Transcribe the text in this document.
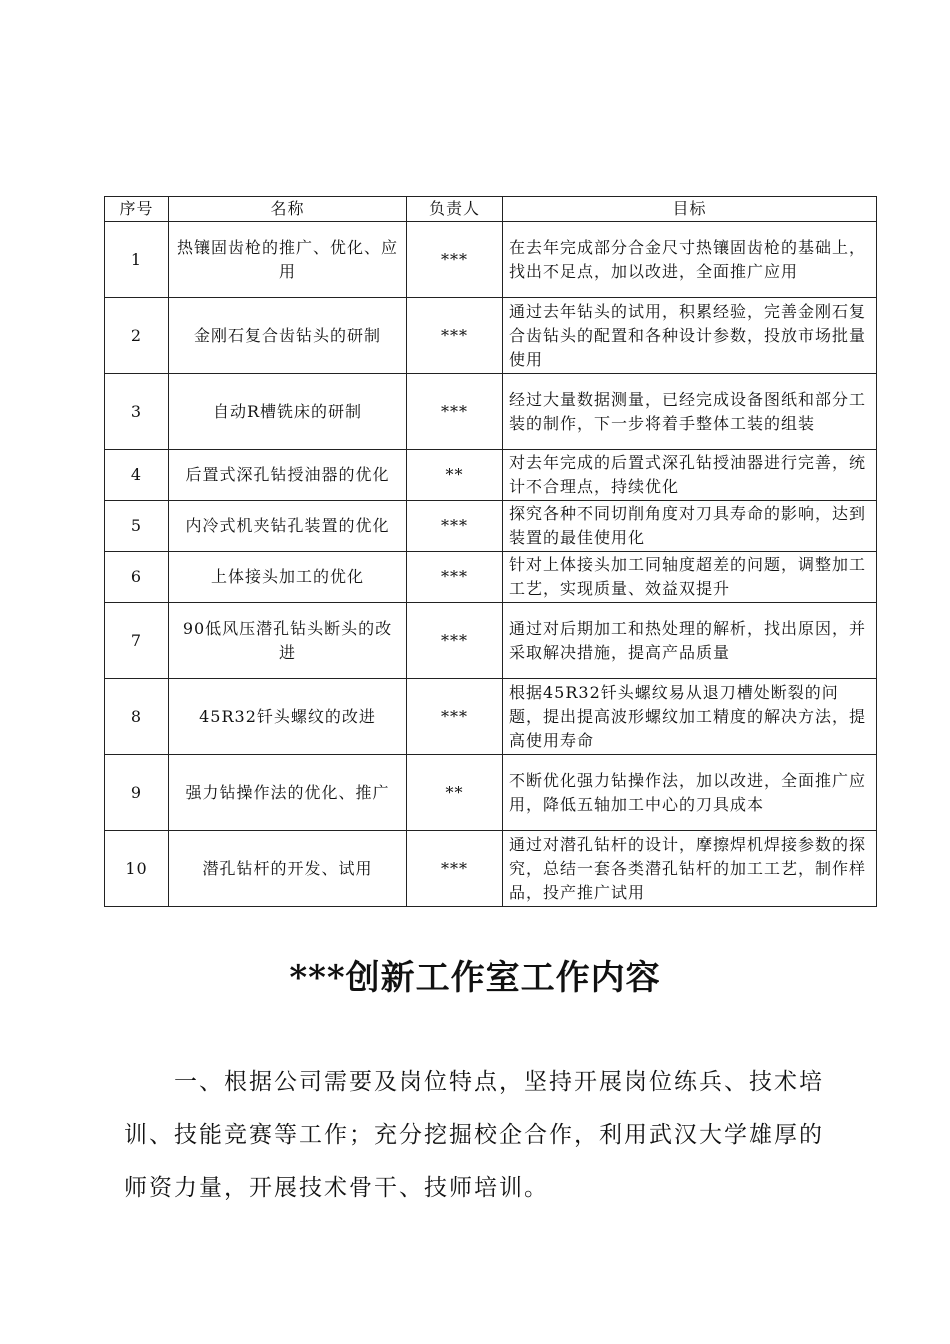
序号	名称	负责人	目标
1	热镶固齿枪的推广、优化、应用	***	在去年完成部分合金尺寸热镶固齿枪的基础上，找出不足点，加以改进，全面推广应用
2	金刚石复合齿钻头的研制	***	通过去年钻头的试用，积累经验，完善金刚石复合齿钻头的配置和各种设计参数，投放市场批量使用
3	自动R槽铣床的研制	***	经过大量数据测量，已经完成设备图纸和部分工装的制作，下一步将着手整体工装的组装
4	后置式深孔钻授油器的优化	**	对去年完成的后置式深孔钻授油器进行完善，统计不合理点，持续优化
5	内冷式机夹钻孔装置的优化	***	探究各种不同切削角度对刀具寿命的影响，达到装置的最佳使用化
6	上体接头加工的优化	***	针对上体接头加工同轴度超差的问题，调整加工工艺，实现质量、效益双提升
7	90低风压潜孔钻头断头的改进	***	通过对后期加工和热处理的解析，找出原因，并采取解决措施，提高产品质量
8	45R32钎头螺纹的改进	***	根据45R32钎头螺纹易从退刀槽处断裂的问题，提出提高波形螺纹加工精度的解决方法，提高使用寿命
9	强力钻操作法的优化、推广	**	不断优化强力钻操作法，加以改进，全面推广应用，降低五轴加工中心的刀具成本
10	潜孔钻杆的开发、试用	***	通过对潜孔钻杆的设计，摩擦焊机焊接参数的探究，总结一套各类潜孔钻杆的加工工艺，制作样品，投产推广试用
***创新工作室工作内容
一、根据公司需要及岗位特点，坚持开展岗位练兵、技术培训、技能竞赛等工作；充分挖掘校企合作，利用武汉大学雄厚的师资力量，开展技术骨干、技师培训。
